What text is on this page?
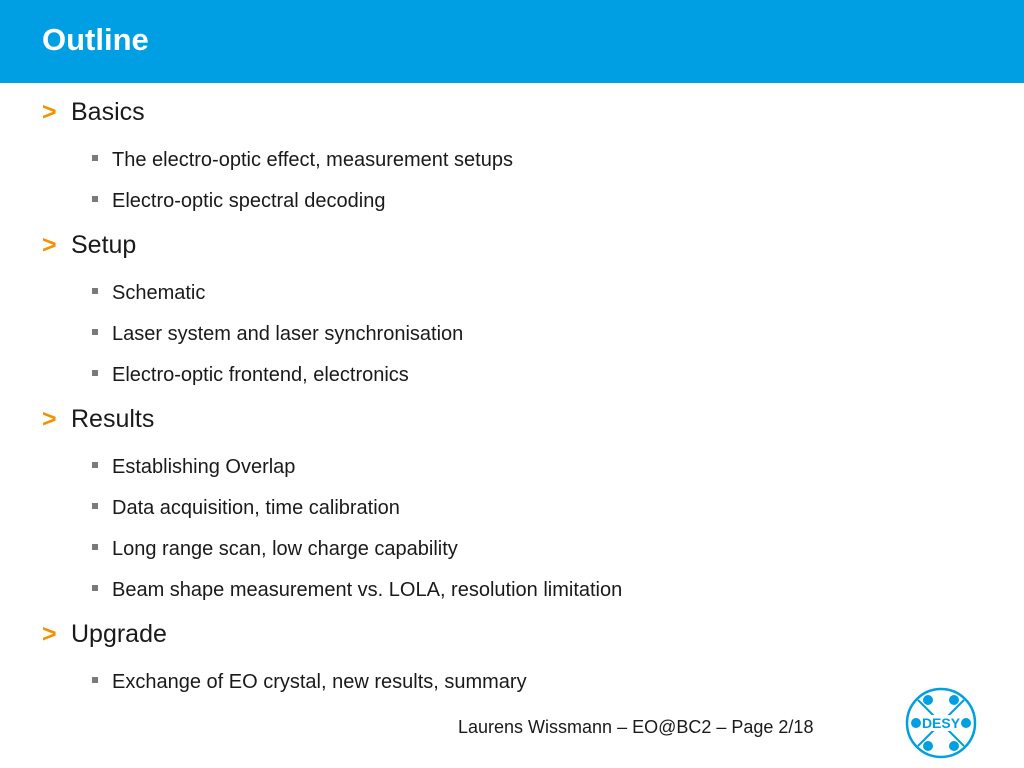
Outline
> Basics
The electro-optic effect, measurement setups
Electro-optic spectral decoding
> Setup
Schematic
Laser system and laser synchronisation
Electro-optic frontend, electronics
> Results
Establishing Overlap
Data acquisition, time calibration
Long range scan, low charge capability
Beam shape measurement vs. LOLA, resolution limitation
> Upgrade
Exchange of EO crystal, new results, summary
Laurens Wissmann – EO@BC2 – Page 2/18	DESY
